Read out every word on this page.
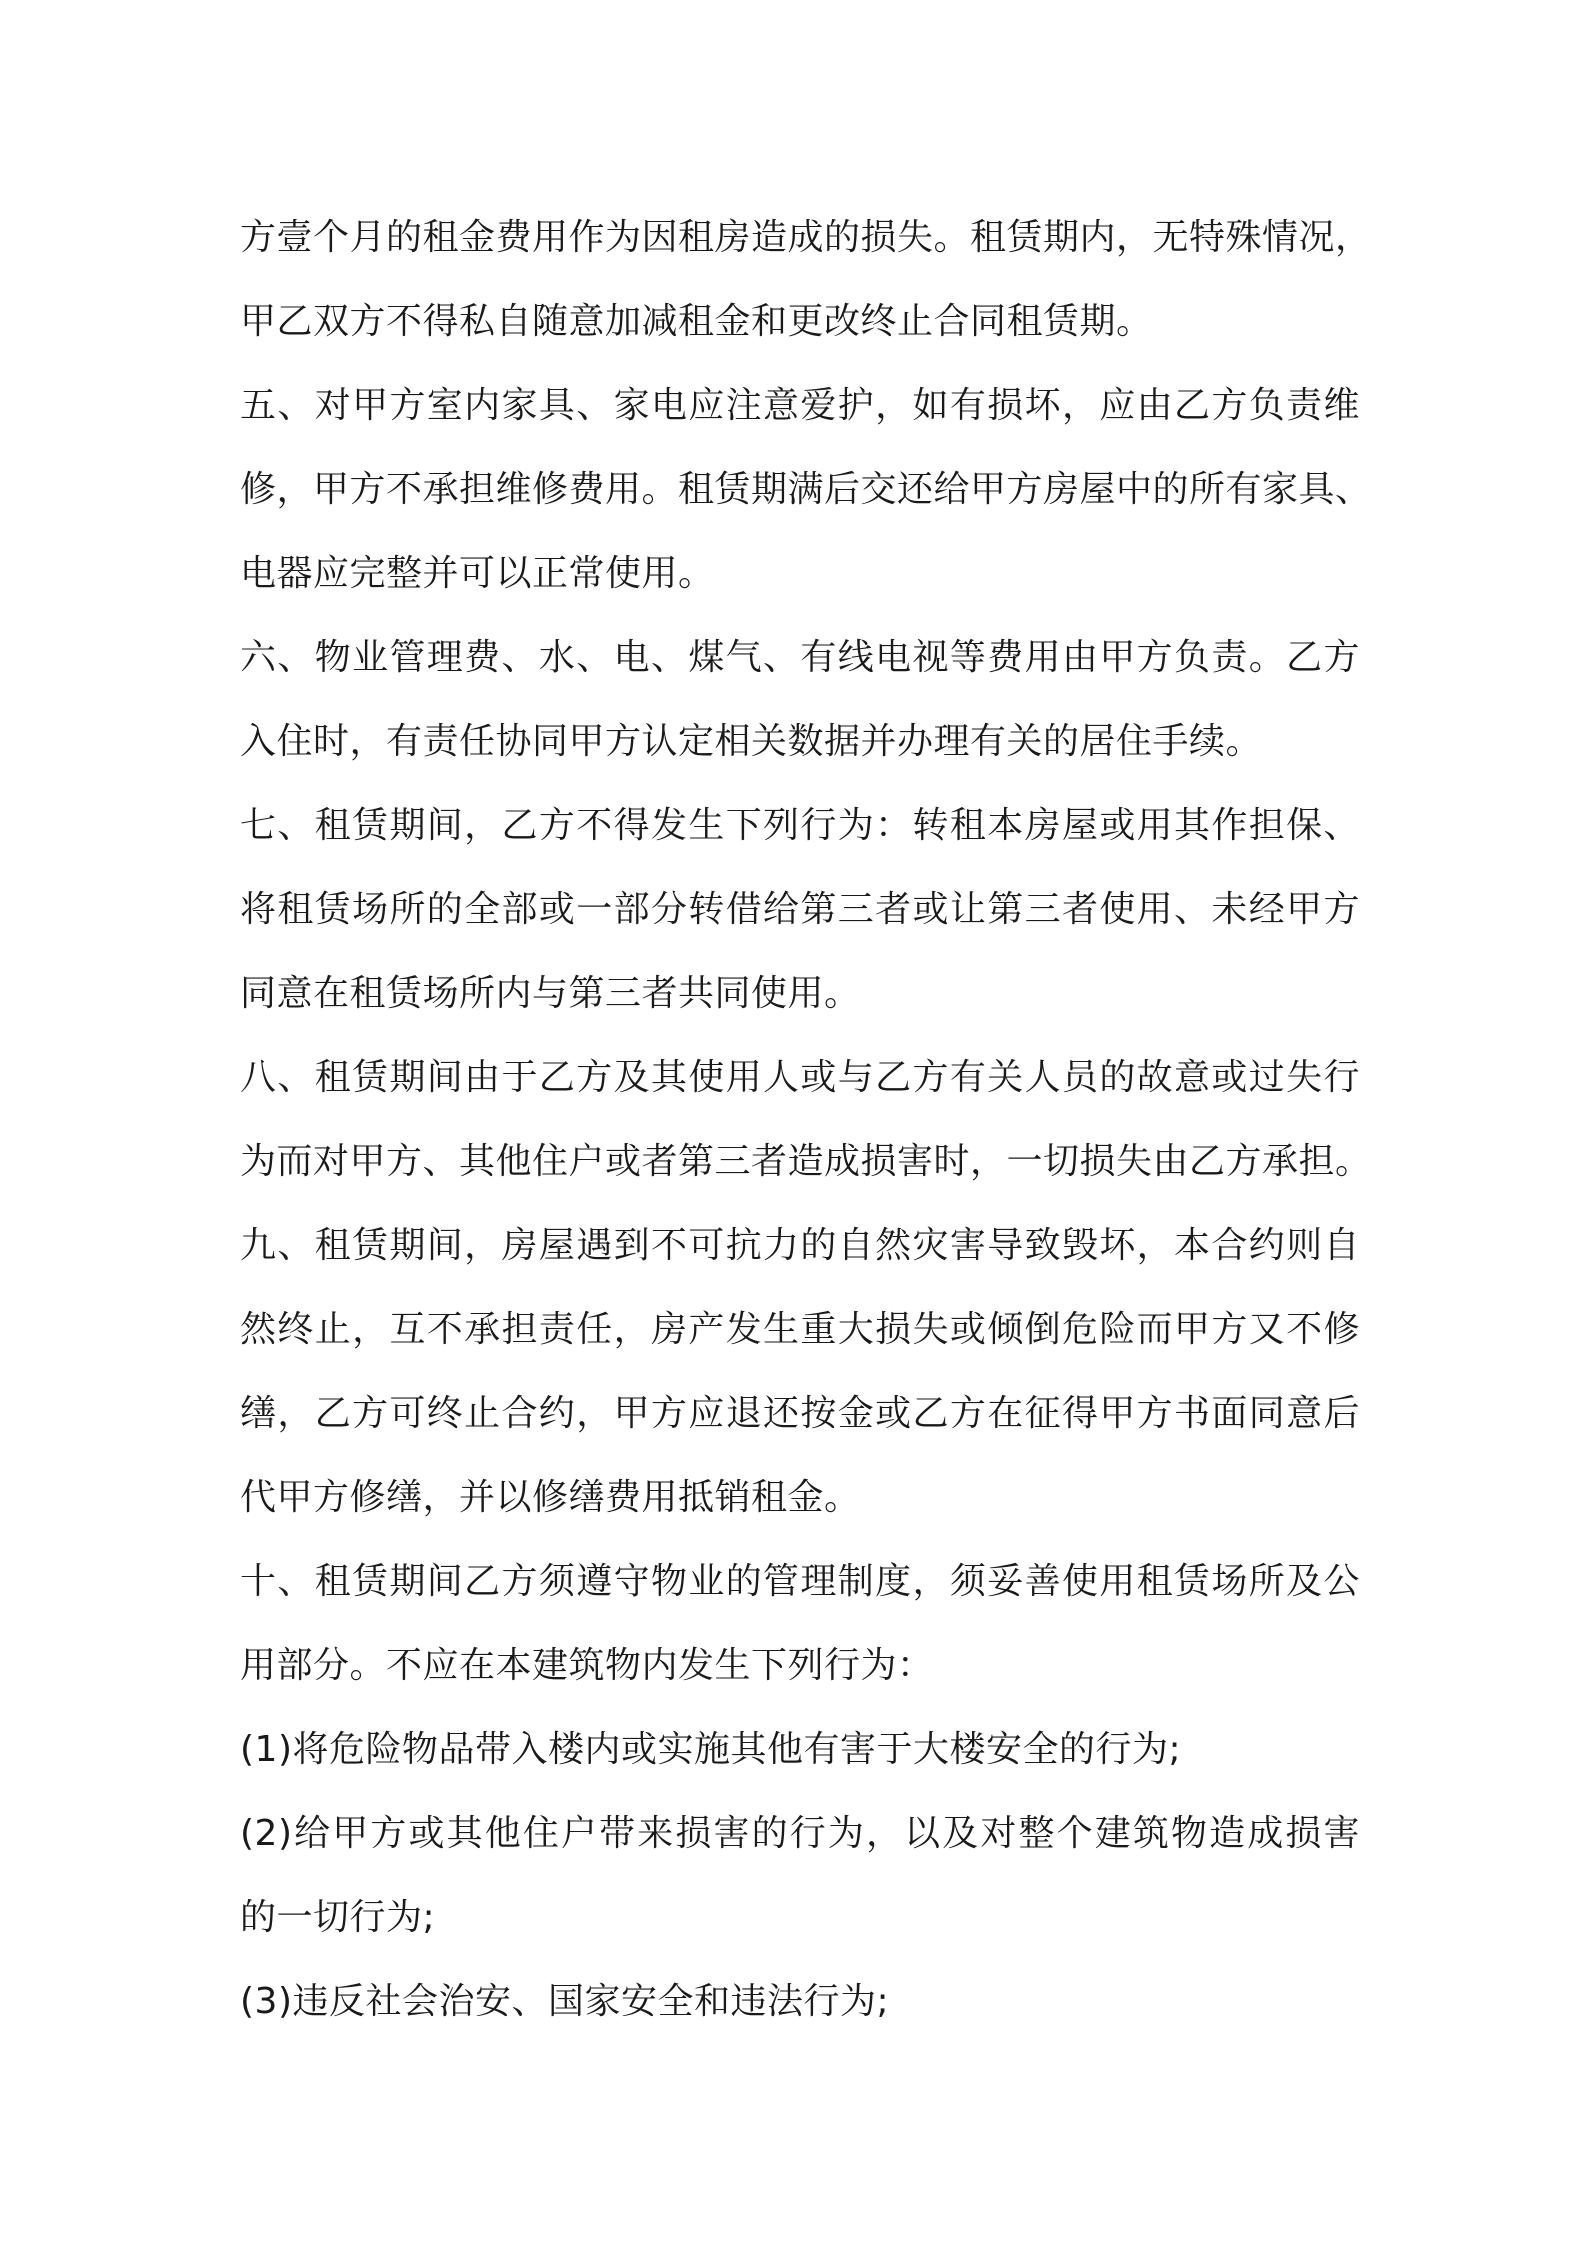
方壹个月的租金费用作为因租房造成的损失。租赁期内，无特殊情况，
甲乙双方不得私自随意加减租金和更改终止合同租赁期。
五、对甲方室内家具、家电应注意爱护，如有损坏，应由乙方负责维
修，甲方不承担维修费用。租赁期满后交还给甲方房屋中的所有家具、
电器应完整并可以正常使用。
六、物业管理费、水、电、煤气、有线电视等费用由甲方负责。乙方
入住时，有责任协同甲方认定相关数据并办理有关的居住手续。
七、租赁期间，乙方不得发生下列行为：转租本房屋或用其作担保、
将租赁场所的全部或一部分转借给第三者或让第三者使用、未经甲方
同意在租赁场所内与第三者共同使用。
八、租赁期间由于乙方及其使用人或与乙方有关人员的故意或过失行
为而对甲方、其他住户或者第三者造成损害时，一切损失由乙方承担。
九、租赁期间，房屋遇到不可抗力的自然灾害导致毁坏，本合约则自
然终止，互不承担责任，房产发生重大损失或倾倒危险而甲方又不修
缮，乙方可终止合约，甲方应退还按金或乙方在征得甲方书面同意后
代甲方修缮，并以修缮费用抵销租金。
十、租赁期间乙方须遵守物业的管理制度，须妥善使用租赁场所及公
用部分。不应在本建筑物内发生下列行为：
(1)将危险物品带入楼内或实施其他有害于大楼安全的行为;
(2)给甲方或其他住户带来损害的行为，以及对整个建筑物造成损害
的一切行为;
(3)违反社会治安、国家安全和违法行为;
